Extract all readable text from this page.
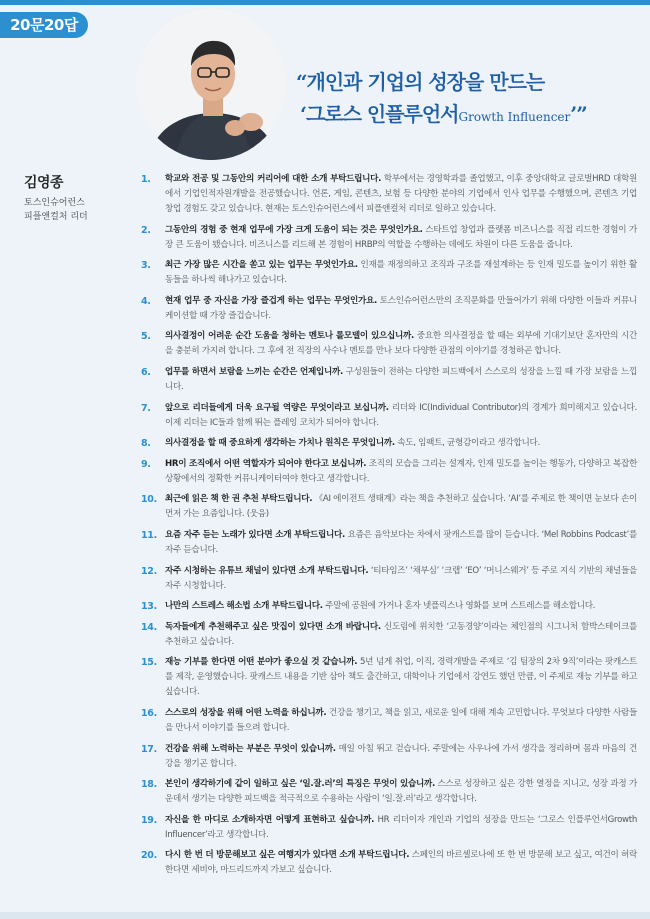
20문20답
“개인과 기업의 성장을 만드는
‘그로스 인플루언서Growth Influencer’”
김영종
토스인슈어런스
피플앤컬처 리더
1. 학교와 전공 및 그동안의 커리어에 대한 소개 부탁드립니다. 학부에서는 경영학과를 졸업했고, 이후 중앙대학교 글로벌HRD 대학원에서 기업인적자원개발을 전공했습니다. 언론, 게임, 콘텐츠, 보험 등 다양한 분야의 기업에서 인사 업무를 수행했으며, 콘텐츠 기업 창업 경험도 갖고 있습니다. 현재는 토스인슈어런스에서 피플앤컬처 리더로 일하고 있습니다.
2. 그동안의 경험 중 현재 업무에 가장 크게 도움이 되는 것은 무엇인가요. 스타트업 창업과 플랫폼 비즈니스를 직접 리드한 경험이 가장 큰 도움이 됐습니다. 비즈니스를 리드해 본 경험이 HRBP의 역할을 수행하는 데에도 차원이 다른 도움을 줍니다.
3. 최근 가장 많은 시간을 쏟고 있는 업무는 무엇인가요. 인재를 재정의하고 조직과 구조를 재설계하는 등 인재 밀도를 높이기 위한 활동들을 하나씩 해나가고 있습니다.
4. 현재 업무 중 자신을 가장 즐겁게 하는 업무는 무엇인가요. 토스인슈어런스만의 조직문화를 만들어가기 위해 다양한 이들과 커뮤니케이션할 때 가장 즐겁습니다.
5. 의사결정이 어려운 순간 도움을 청하는 멘토나 롤모델이 있으십니까. 중요한 의사결정을 할 때는 외부에 기대기보단 혼자만의 시간을 충분히 가지려 합니다. 그 후에 전 직장의 사수나 멘토를 만나 보다 다양한 관점의 이야기를 경청하곤 합니다.
6. 업무를 하면서 보람을 느끼는 순간은 언제입니까. 구성원들이 전하는 다양한 피드백에서 스스로의 성장을 느낄 때 가장 보람을 느낍니다.
7. 앞으로 리더들에게 더욱 요구될 역량은 무엇이라고 보십니까. 리더와 IC(Individual Contributor)의 경계가 희미해지고 있습니다. 이제 리더는 IC들과 함께 뛰는 플레잉 코치가 되어야 합니다.
8. 의사결정을 할 때 중요하게 생각하는 가치나 원칙은 무엇입니까. 속도, 임팩트, 균형감이라고 생각합니다.
9. HR이 조직에서 어떤 역할자가 되어야 한다고 보십니까. 조직의 모습을 그리는 설계자, 인재 밀도를 높이는 행동가, 다양하고 복잡한 상황에서의 정확한 커뮤니케이터여야 한다고 생각합니다.
10. 최근에 읽은 책 한 권 추천 부탁드립니다. 《AI 에이전트 생태계》라는 책을 추천하고 싶습니다. ‘AI’를 주제로 한 책이면 눈보다 손이 먼저 가는 요즘입니다. (웃음)
11. 요즘 자주 듣는 노래가 있다면 소개 부탁드립니다. 요즘은 음악보다는 차에서 팟캐스트를 많이 듣습니다. ‘Mel Robbins Podcast’를 자주 듣습니다.
12. 자주 시청하는 유튜브 채널이 있다면 소개 부탁드립니다. ‘티타임즈’ ‘채부심’ ‘크랩’ ‘EO’ ‘머니스웨거’ 등 주로 지식 기반의 채널들을 자주 시청합니다.
13. 나만의 스트레스 해소법 소개 부탁드립니다. 주말에 공원에 가거나 혼자 넷플릭스나 영화를 보며 스트레스를 해소합니다.
14. 독자들에게 추천해주고 싶은 맛집이 있다면 소개 바랍니다. 신도림에 위치한 ‘고동경양’이라는 체인점의 시그니처 함박스테이크를 추천하고 싶습니다.
15. 재능 기부를 한다면 어떤 분야가 좋으실 것 같습니까. 5년 넘게 취업, 이직, 경력개발을 주제로 ‘김 팀장의 2차 9직’이라는 팟캐스트를 제작, 운영했습니다. 팟캐스트 내용을 기반 삼아 책도 출간하고, 대학이나 기업에서 강연도 했던 만큼, 이 주제로 재능 기부를 하고 싶습니다.
16. 스스로의 성장을 위해 어떤 노력을 하십니까. 건강을 챙기고, 책을 읽고, 새로운 일에 대해 계속 고민합니다. 무엇보다 다양한 사람들을 만나서 이야기를 들으려 합니다.
17. 건강을 위해 노력하는 부분은 무엇이 있습니까. 매일 아침 뛰고 걷습니다. 주말에는 사우나에 가서 생각을 정리하며 몸과 마음의 건강을 챙기곤 합니다.
18. 본인이 생각하기에 같이 일하고 싶은 ‘일.잘.러’의 특징은 무엇이 있습니까. 스스로 성장하고 싶은 강한 열정을 지니고, 성장 과정 가운데서 생기는 다양한 피드백을 적극적으로 수용하는 사람이 ‘일.잘.러’라고 생각합니다.
19. 자신을 한 마디로 소개하자면 어떻게 표현하고 싶습니까. HR 리더이자 개인과 기업의 성장을 만드는 ‘그로스 인플루언서Growth Influencer’라고 생각합니다.
20. 다시 한 번 더 방문해보고 싶은 여행지가 있다면 소개 부탁드립니다. 스페인의 바르셀로나에 또 한 번 방문해 보고 싶고, 여건이 허락한다면 세비야, 마드리드까지 가보고 싶습니다.
